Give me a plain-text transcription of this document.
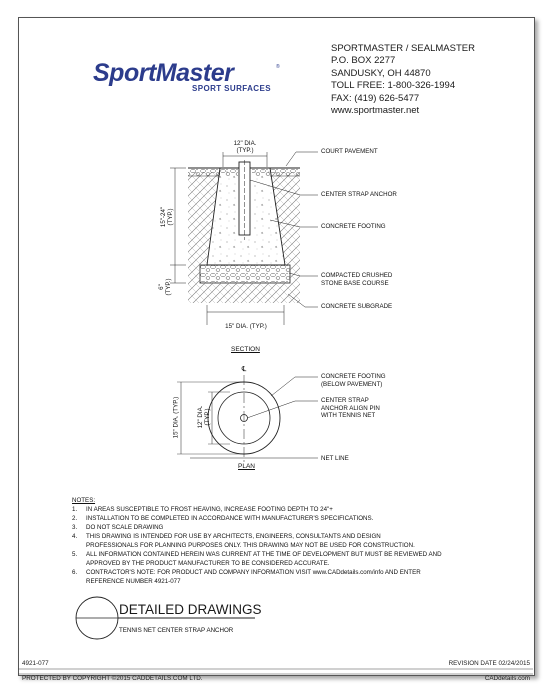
SportMaster	®
SPORT SURFACES
SPORTMASTER / SEALMASTER
P.O. BOX 2277
SANDUSKY, OH 44870
TOLL FREE: 1-800-326-1994
FAX: (419) 626-5477
www.sportmaster.net
COURT PAVEMENT
CENTER STRAP ANCHOR
CONCRETE FOOTING
COMPACTED CRUSHED
STONE BASE COURSE
CONCRETE SUBGRADE
12" DIA.
(TYP.)
15"-24" (TYP.)
6" (TYP.)
15" DIA. (TYP.)
SECTION
℄
CONCRETE FOOTING
(BELOW PAVEMENT)
CENTER STRAP
ANCHOR ALIGN PIN
WITH TENNIS NET
NET LINE
15" DIA. (TYP.)	12" DIA. (TYP.)
PLAN
NOTES:
1. IN AREAS SUSCEPTIBLE TO FROST HEAVING, INCREASE FOOTING DEPTH TO 24"+
2. INSTALLATION TO BE COMPLETED IN ACCORDANCE WITH MANUFACTURER'S SPECIFICATIONS.
3. DO NOT SCALE DRAWING
4. THIS DRAWING IS INTENDED FOR USE BY ARCHITECTS, ENGINEERS, CONSULTANTS AND DESIGN
PROFESSIONALS FOR PLANNING PURPOSES ONLY. THIS DRAWING MAY NOT BE USED FOR CONSTRUCTION.
5. ALL INFORMATION CONTAINED HEREIN WAS CURRENT AT THE TIME OF DEVELOPMENT BUT MUST BE REVIEWED AND
APPROVED BY THE PRODUCT MANUFACTURER TO BE CONSIDERED ACCURATE.
6. CONTRACTOR'S NOTE: FOR PRODUCT AND COMPANY INFORMATION VISIT www.CADdetails.com/info AND ENTER
REFERENCE NUMBER 4921-077
DETAILED DRAWINGS
TENNIS NET CENTER STRAP ANCHOR
4921-077	REVISION DATE 02/24/2015
PROTECTED BY COPYRIGHT ©2015 CADDETAILS.COM LTD.	CADdetails.com
